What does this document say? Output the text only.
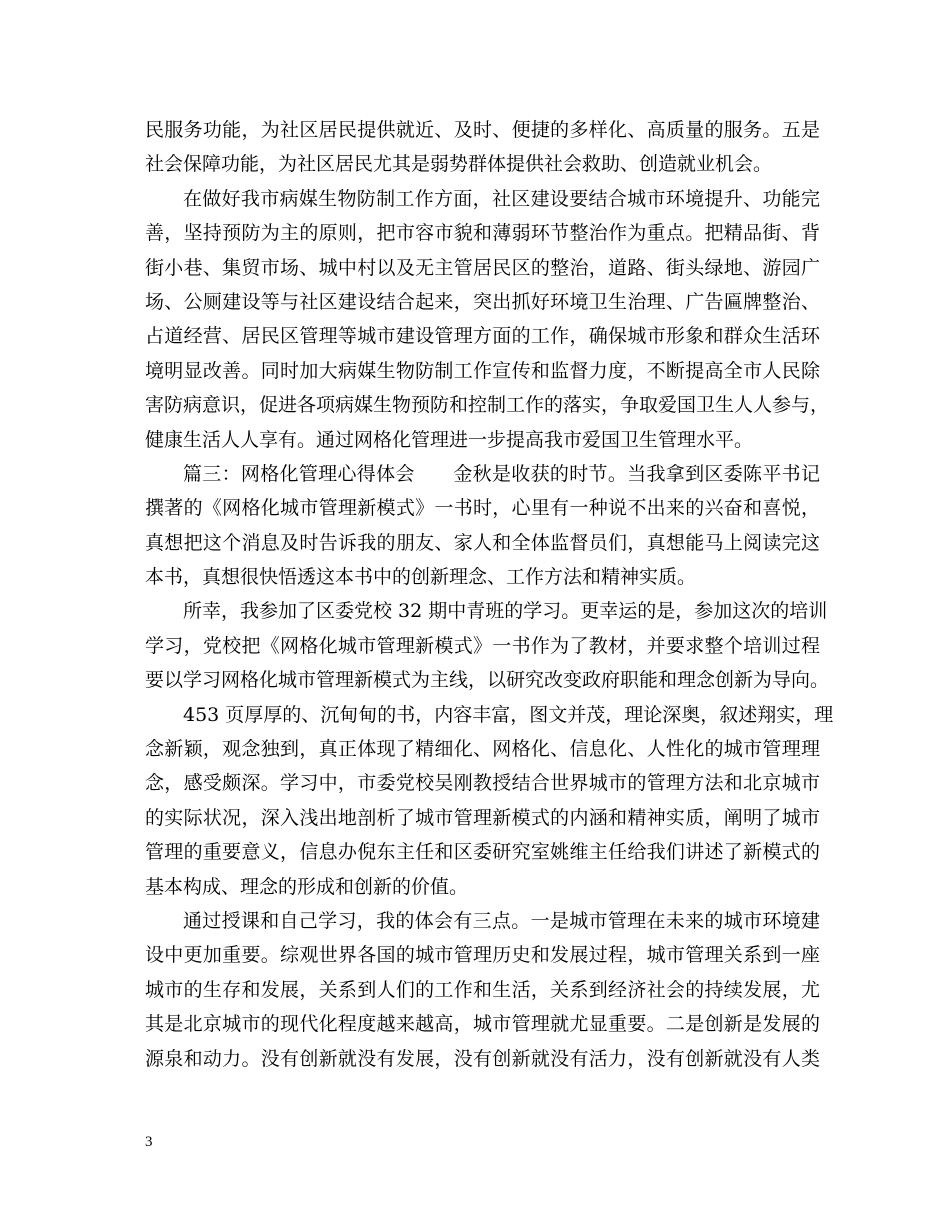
民服务功能，为社区居民提供就近、及时、便捷的多样化、高质量的服务。五是
社会保障功能，为社区居民尤其是弱势群体提供社会救助、创造就业机会。
在做好我市病媒生物防制工作方面，社区建设要结合城市环境提升、功能完
善，坚持预防为主的原则，把市容市貌和薄弱环节整治作为重点。把精品街、背
街小巷、集贸市场、城中村以及无主管居民区的整治，道路、街头绿地、游园广
场、公厕建设等与社区建设结合起来，突出抓好环境卫生治理、广告匾牌整治、
占道经营、居民区管理等城市建设管理方面的工作，确保城市形象和群众生活环
境明显改善。同时加大病媒生物防制工作宣传和监督力度，不断提高全市人民除
害防病意识，促进各项病媒生物预防和控制工作的落实，争取爱国卫生人人参与，
健康生活人人享有。通过网格化管理进一步提高我市爱国卫生管理水平。
篇三：网格化管理心得体会　　金秋是收获的时节。当我拿到区委陈平书记
撰著的《网格化城市管理新模式》一书时，心里有一种说不出来的兴奋和喜悦，
真想把这个消息及时告诉我的朋友、家人和全体监督员们，真想能马上阅读完这
本书，真想很快悟透这本书中的创新理念、工作方法和精神实质。
所幸，我参加了区委党校 32 期中青班的学习。更幸运的是，参加这次的培训
学习，党校把《网格化城市管理新模式》一书作为了教材，并要求整个培训过程
要以学习网格化城市管理新模式为主线，以研究改变政府职能和理念创新为导向。
453 页厚厚的、沉甸甸的书，内容丰富，图文并茂，理论深奥，叙述翔实，理
念新颖，观念独到，真正体现了精细化、网格化、信息化、人性化的城市管理理
念，感受颇深。学习中，市委党校吴刚教授结合世界城市的管理方法和北京城市
的实际状况，深入浅出地剖析了城市管理新模式的内涵和精神实质，阐明了城市
管理的重要意义，信息办倪东主任和区委研究室姚维主任给我们讲述了新模式的
基本构成、理念的形成和创新的价值。
通过授课和自己学习，我的体会有三点。一是城市管理在未来的城市环境建
设中更加重要。综观世界各国的城市管理历史和发展过程，城市管理关系到一座
城市的生存和发展，关系到人们的工作和生活，关系到经济社会的持续发展，尤
其是北京城市的现代化程度越来越高，城市管理就尤显重要。二是创新是发展的
源泉和动力。没有创新就没有发展，没有创新就没有活力，没有创新就没有人类
3
